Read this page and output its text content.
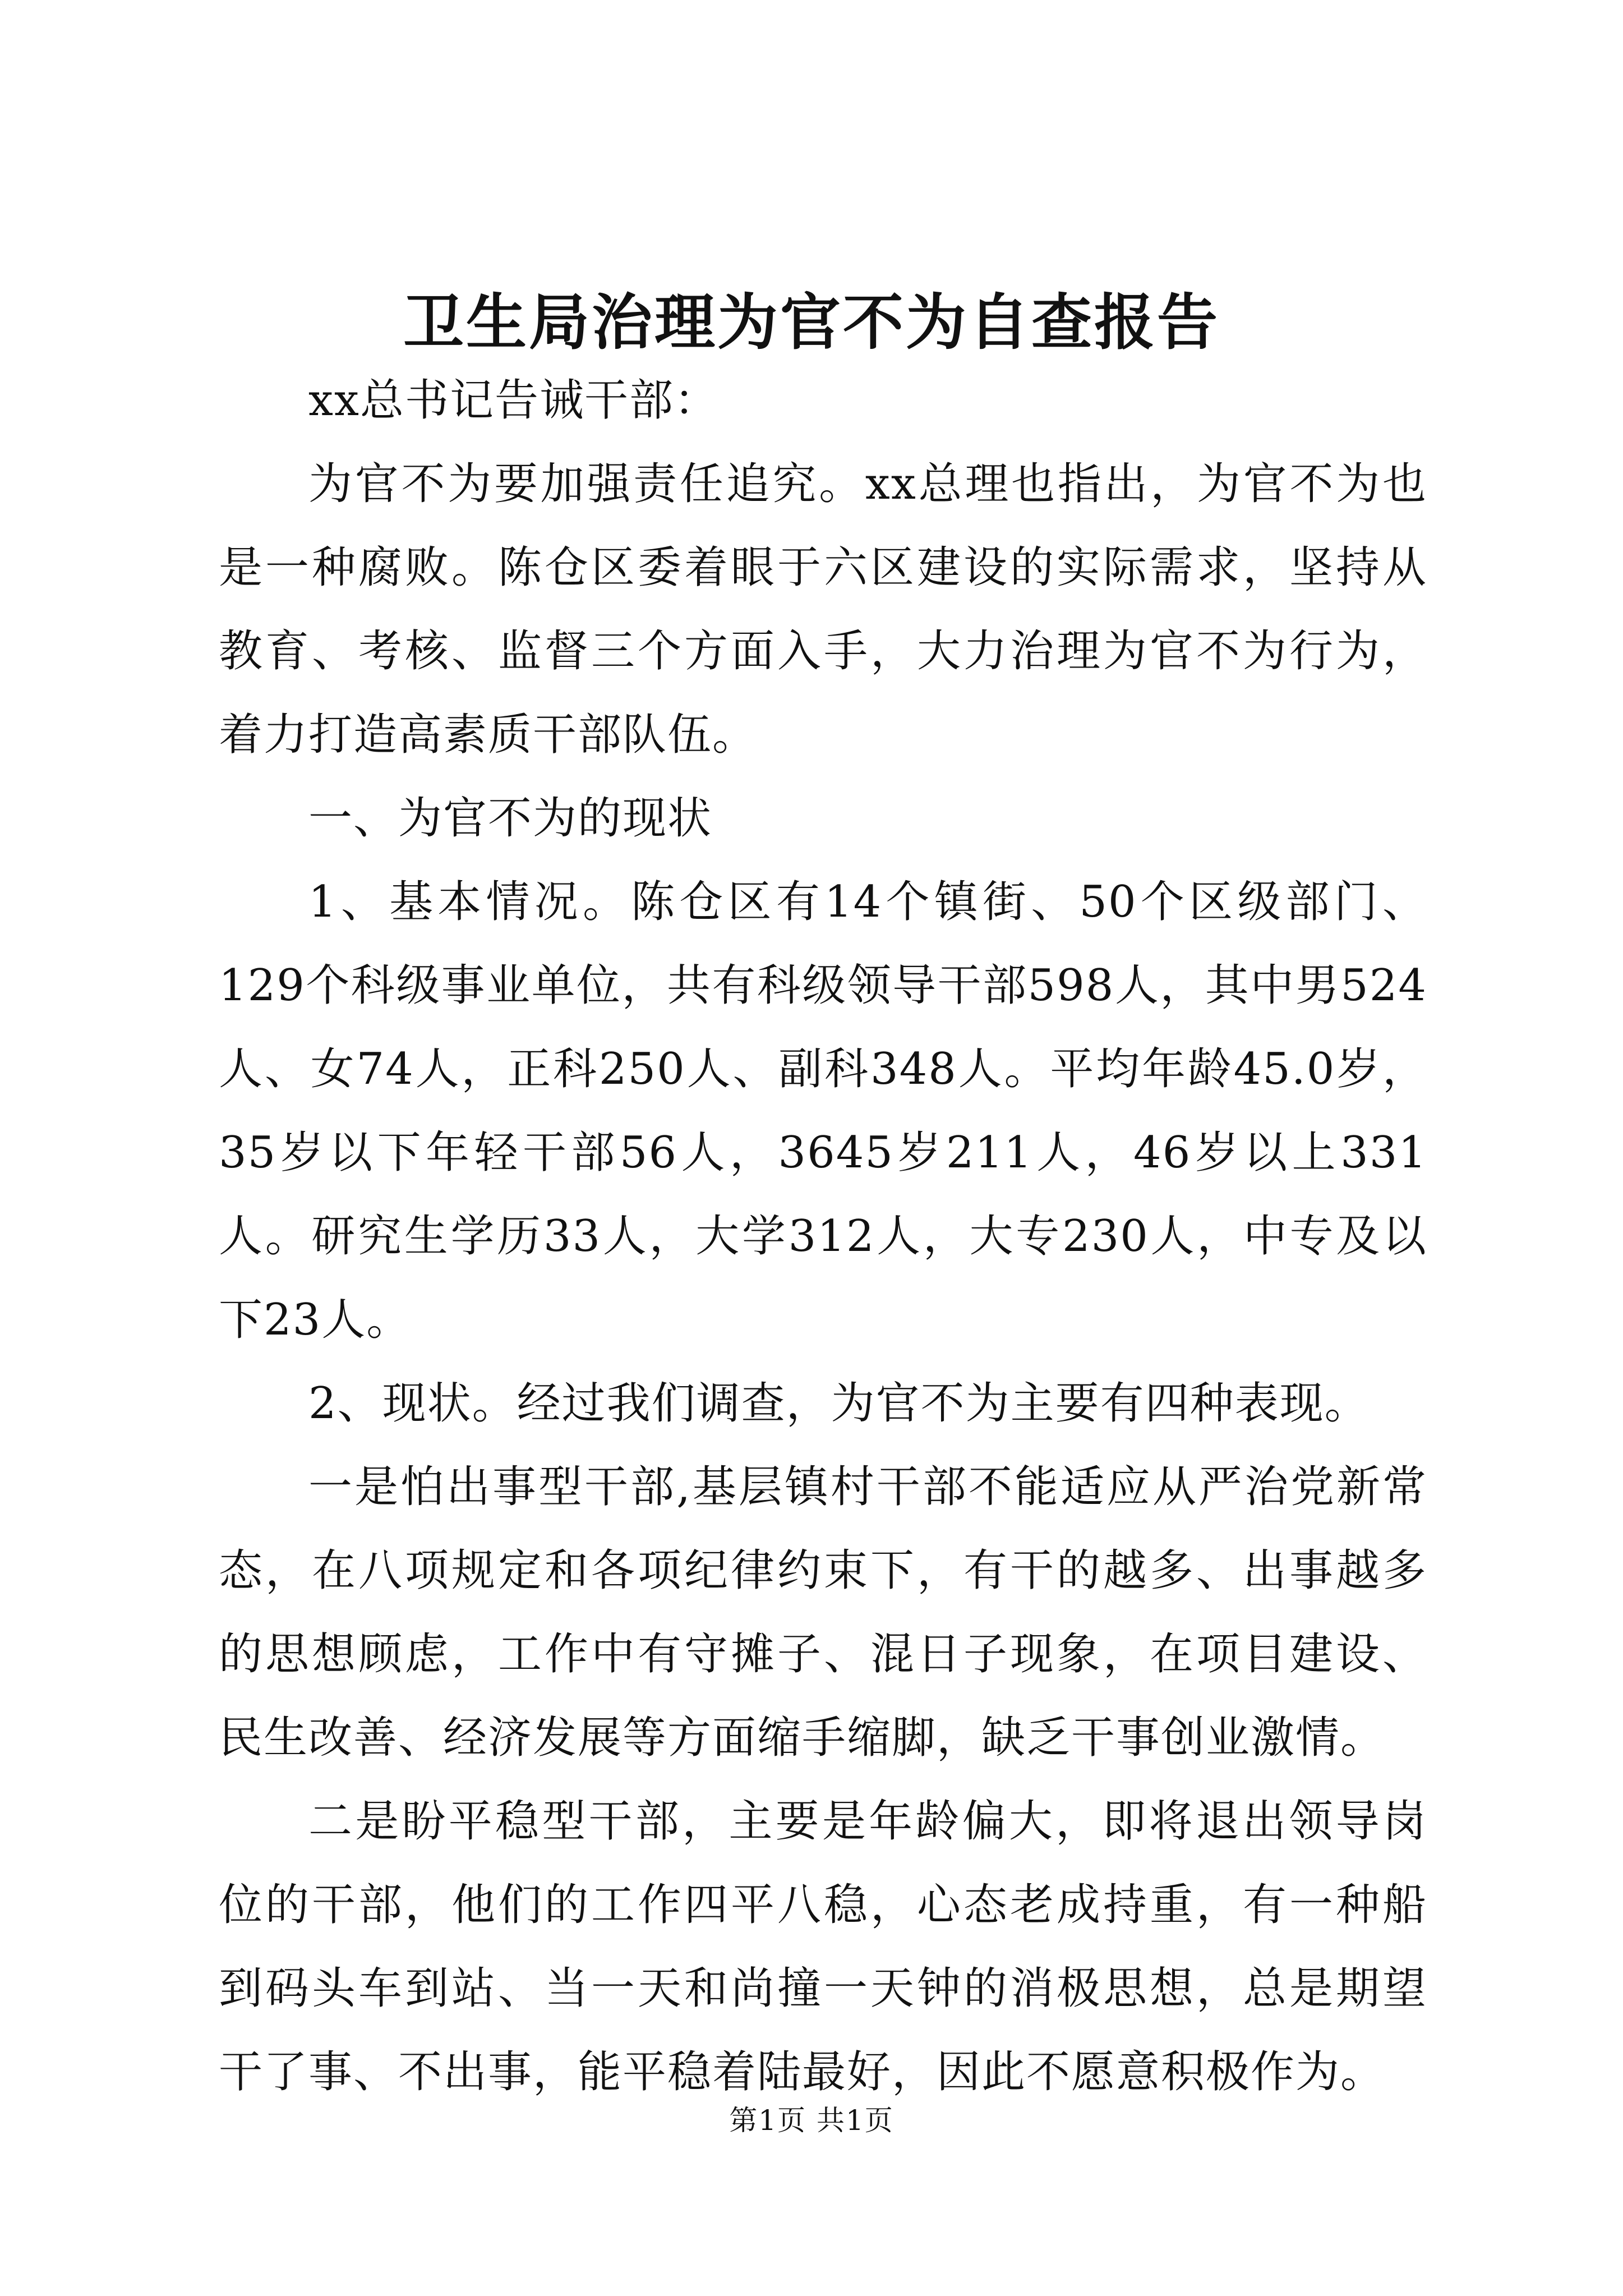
卫生局治理为官不为自查报告

xx总书记告诫干部：

为官不为要加强责任追究。xx总理也指出，为官不为也是一种腐败。陈仓区委着眼于六区建设的实际需求，坚持从教育、考核、监督三个方面入手，大力治理为官不为行为，着力打造高素质干部队伍。

一、为官不为的现状

1、基本情况。陈仓区有14个镇街、50个区级部门、129个科级事业单位，共有科级领导干部598人，其中男524人、女74人，正科250人、副科348人。平均年龄45.0岁，35岁以下年轻干部56人，3645岁211人，46岁以上331人。研究生学历33人，大学312人，大专230人，中专及以下23人。

2、现状。经过我们调查，为官不为主要有四种表现。

一是怕出事型干部,基层镇村干部不能适应从严治党新常态，在八项规定和各项纪律约束下，有干的越多、出事越多的思想顾虑，工作中有守摊子、混日子现象，在项目建设、民生改善、经济发展等方面缩手缩脚，缺乏干事创业激情。

二是盼平稳型干部，主要是年龄偏大，即将退出领导岗位的干部，他们的工作四平八稳，心态老成持重，有一种船到码头车到站、当一天和尚撞一天钟的消极思想，总是期望干了事、不出事，能平稳着陆最好，因此不愿意积极作为。

第1页 共1页
